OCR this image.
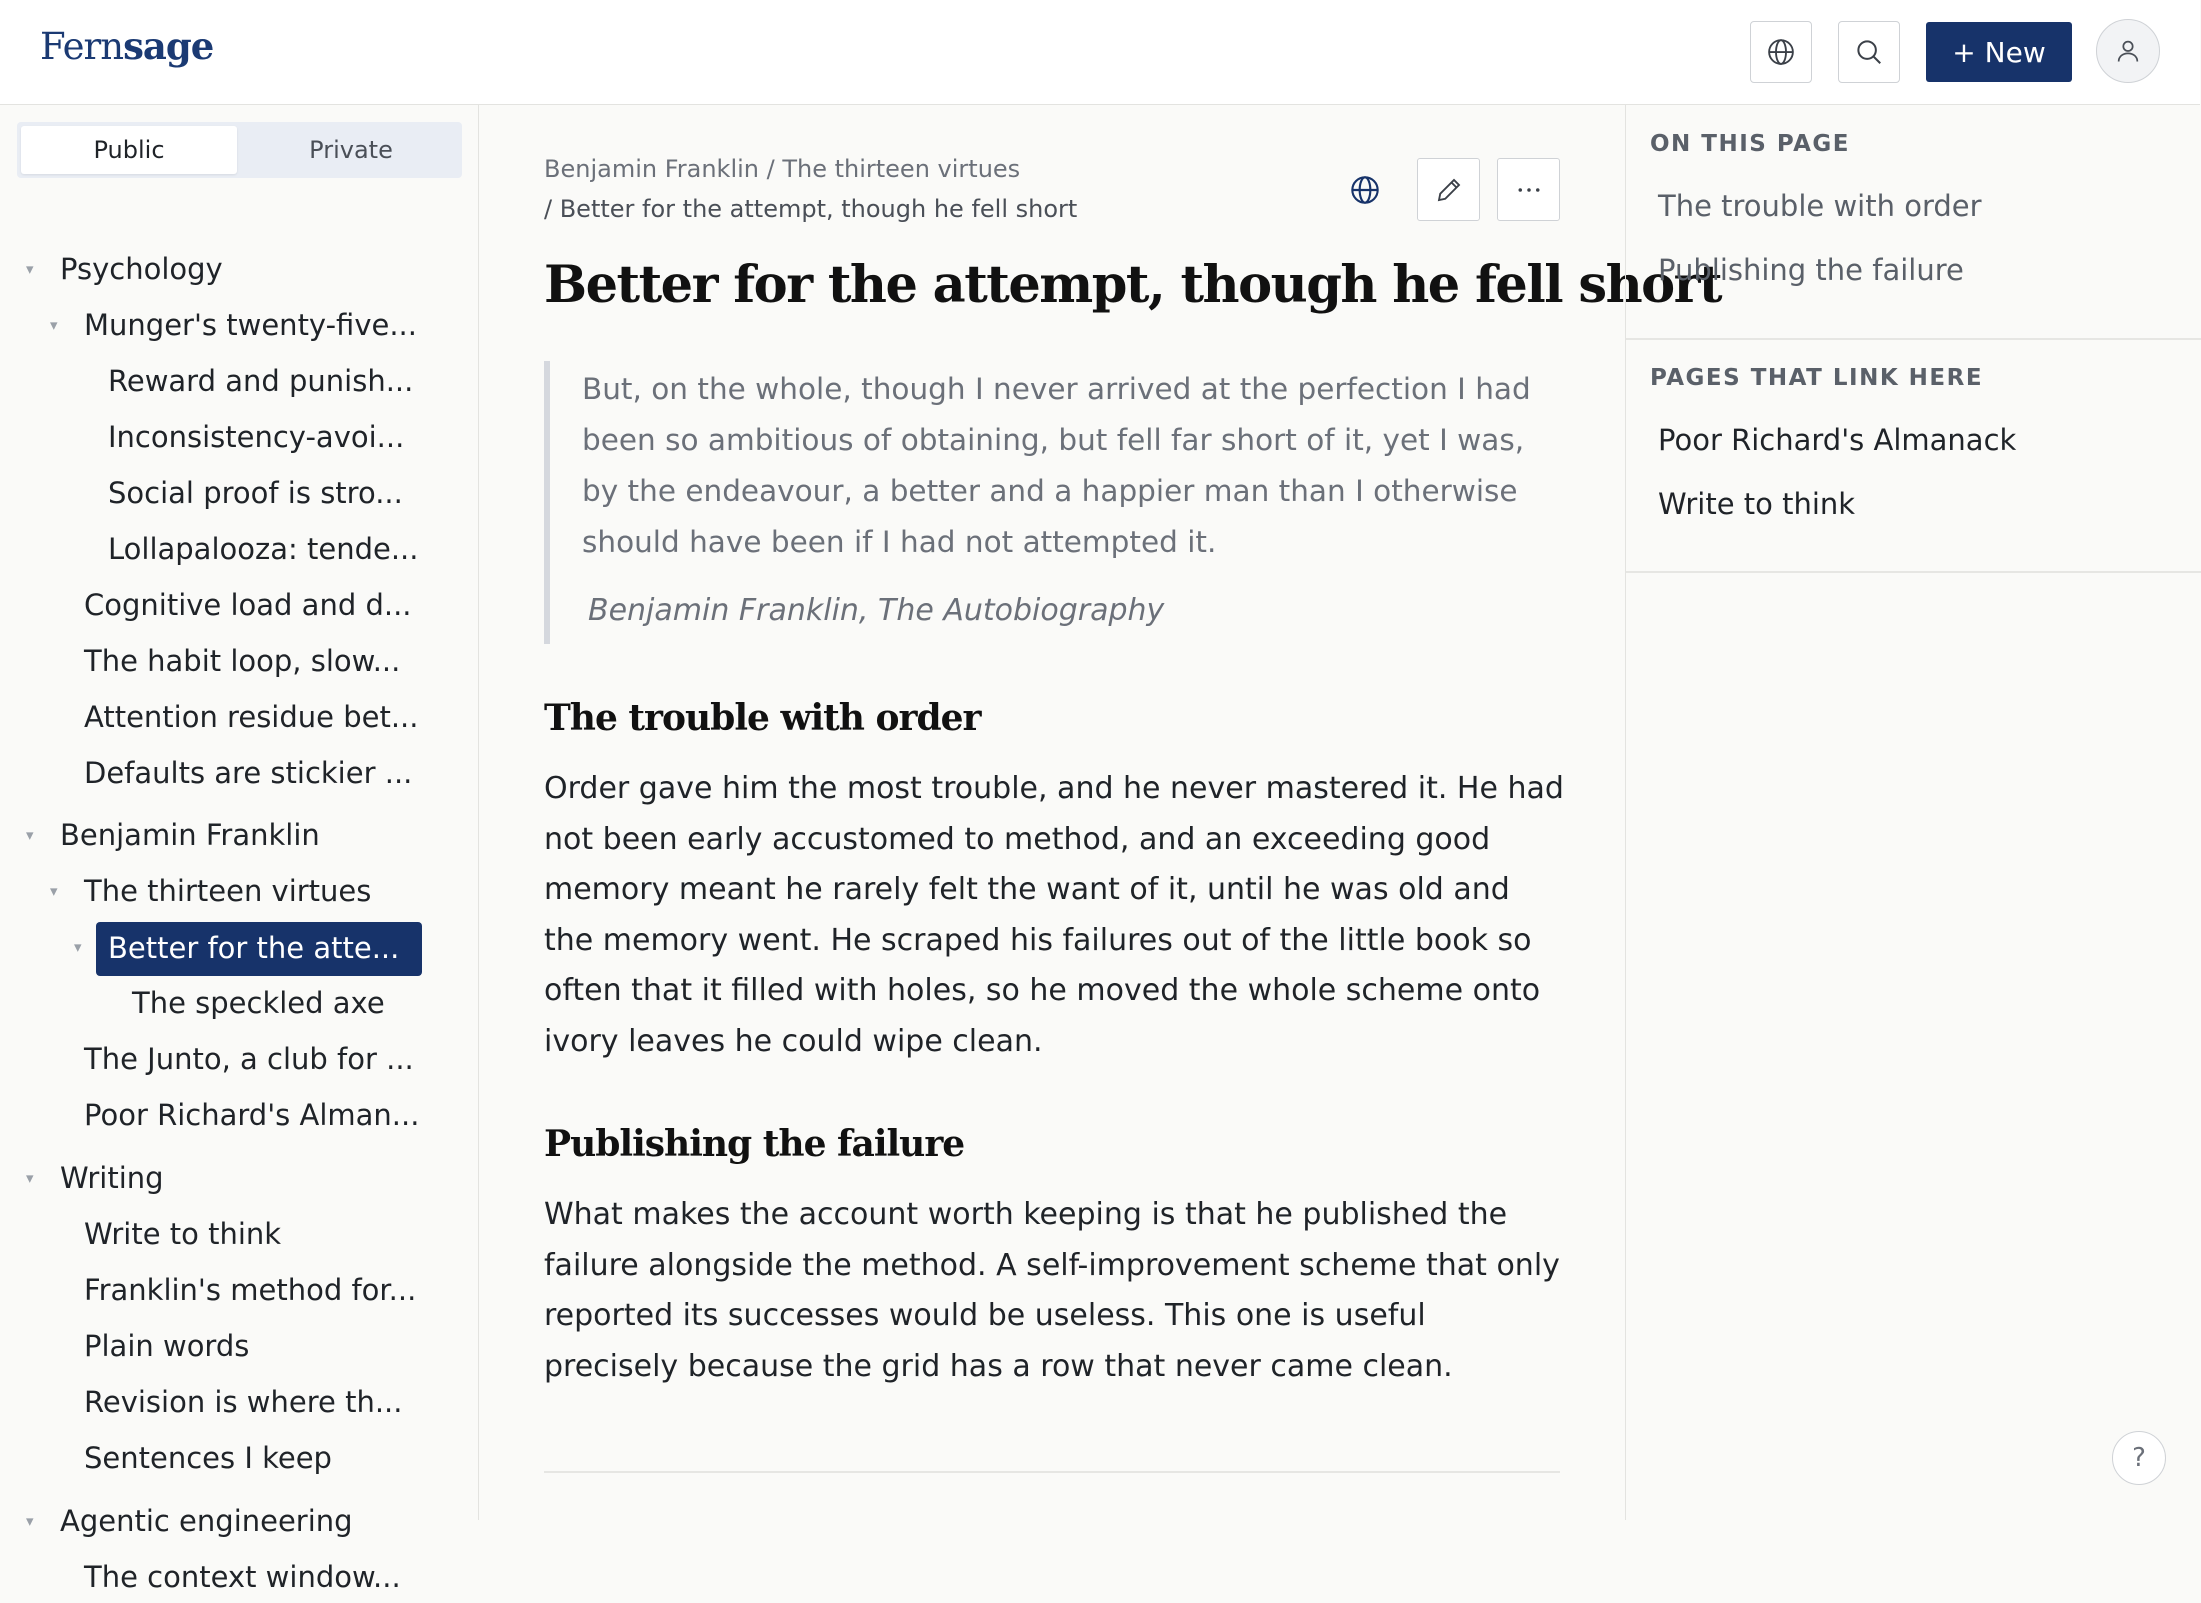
Fernsage	+ New
Public	Private
▾ Psychology
▾ Munger's twenty-five...
Reward and punish...
Inconsistency-avoi...
Social proof is stro...
Lollapalooza: tende...
Cognitive load and d...
The habit loop, slow...
Attention residue bet...
Defaults are stickier ...
▾ Benjamin Franklin
▾ The thirteen virtues
▾ Better for the atte...
The speckled axe
The Junto, a club for ...
Poor Richard's Alman...
▾ Writing
Write to think
Franklin's method for...
Plain words
Revision is where th...
Sentences I keep
▾ Agentic engineering
The context window...
Benjamin Franklin / The thirteen virtues
/ Better for the attempt, though he fell short
Better for the attempt, though he fell short

But, on the whole, though I never arrived at the perfection I had been so ambitious of obtaining, but fell far short of it, yet I was, by the endeavour, a better and a happier man than I otherwise should have been if I had not attempted it.

Benjamin Franklin, The Autobiography
The trouble with order

Order gave him the most trouble, and he never mastered it. He had not been early accustomed to method, and an exceeding good memory meant he rarely felt the want of it, until he was old and the memory went. He scraped his failures out of the little book so often that it filled with holes, so he moved the whole scheme onto ivory leaves he could wipe clean.

Publishing the failure

What makes the account worth keeping is that he published the failure alongside the method. A self-improvement scheme that only reported its successes would be useless. This one is useful precisely because the grid has a row that never came clean.

ON THIS PAGE
The trouble with order
Publishing the failure
PAGES THAT LINK HERE
Poor Richard's Almanack
Write to think
?
